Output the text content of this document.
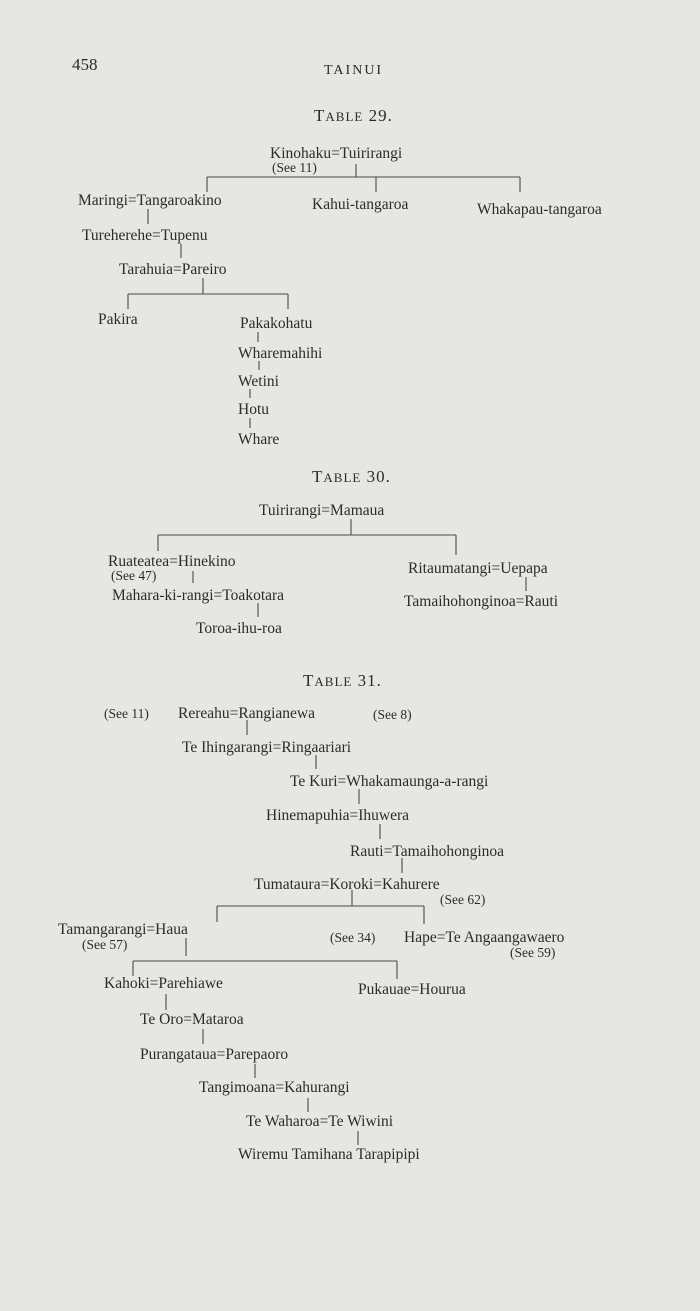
458	TAINUI
TABLE 29.
Kinohaku=Tuirirangi
(See 11)
Maringi=Tangaroakino	Kahui-tangaroa	Whakapau-tangaroa
Tureherehe=Tupenu
Tarahuia=Pareiro
Pakira	Pakakohatu
Wharemahihi
Wetini
Hotu
Whare
TABLE 30.
Tuirirangi=Mamaua
Ruateatea=Hinekino
(See 47)	Ritaumatangi=Uepapa
Mahara-ki-rangi=Toakotara	Tamaihohonginoa=Rauti
Toroa-ihu-roa
TABLE 31.
(See 11) Rereahu=Rangianewa	(See 8)
Te Ihingarangi=Ringaariari
Te Kuri=Whakamaunga-a-rangi
Hinemapuhia=Ihuwera
Rauti=Tamaihohonginoa
Tumataura=Koroki=Kahurere
(See 62)
Tamangarangi=Haua
(See 57)	(See 34) Hape=Te Angaangawaero
(See 59)
Kahoki=Parehiawe	Pukauae=Hourua
Te Oro=Mataroa
Purangataua=Parepaoro
Tangimoana=Kahurangi
Te Waharoa=Te Wiwini
Wiremu Tamihana Tarapipipi
